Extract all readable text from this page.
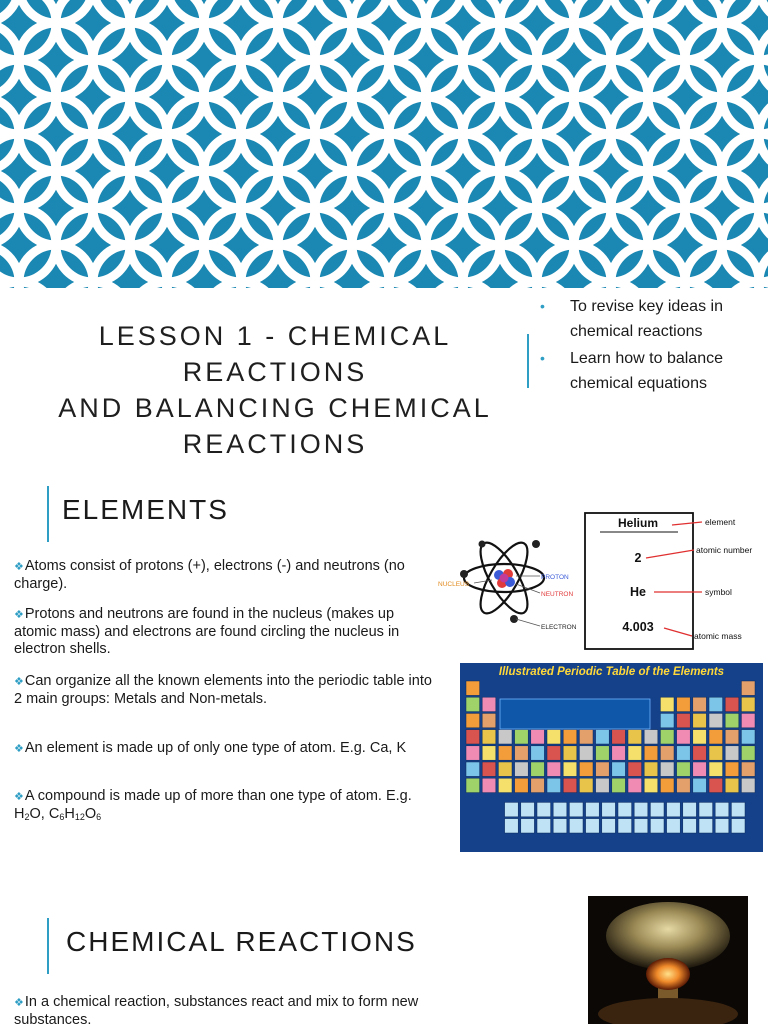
LESSON 1 - CHEMICAL REACTIONS
AND BALANCING CHEMICAL REACTIONS
• To revise key ideas in chemical reactions
• Learn how to balance chemical equations
ELEMENTS
❖Atoms consist of protons (+), electrons (-) and neutrons (no charge).
❖Protons and neutrons are found in the nucleus (makes up atomic mass) and electrons are found circling the nucleus in electron shells.
❖Can organize all the known elements into the periodic table into 2 main groups: Metals and Non-metals.
❖An element is made up of only one type of atom. E.g. Ca, K
❖A compound is made up of more than one type of atom. E.g. $H_2O$, $C_6H_{12}O_6$
NUCLEUS
PROTON
NEUTRON
ELECTRON
Helium
2
He
4.003
element
atomic number
symbol
atomic mass
Illustrated Periodic Table of the Elements
CHEMICAL REACTIONS
❖In a chemical reaction, substances react and mix to form new substances.
